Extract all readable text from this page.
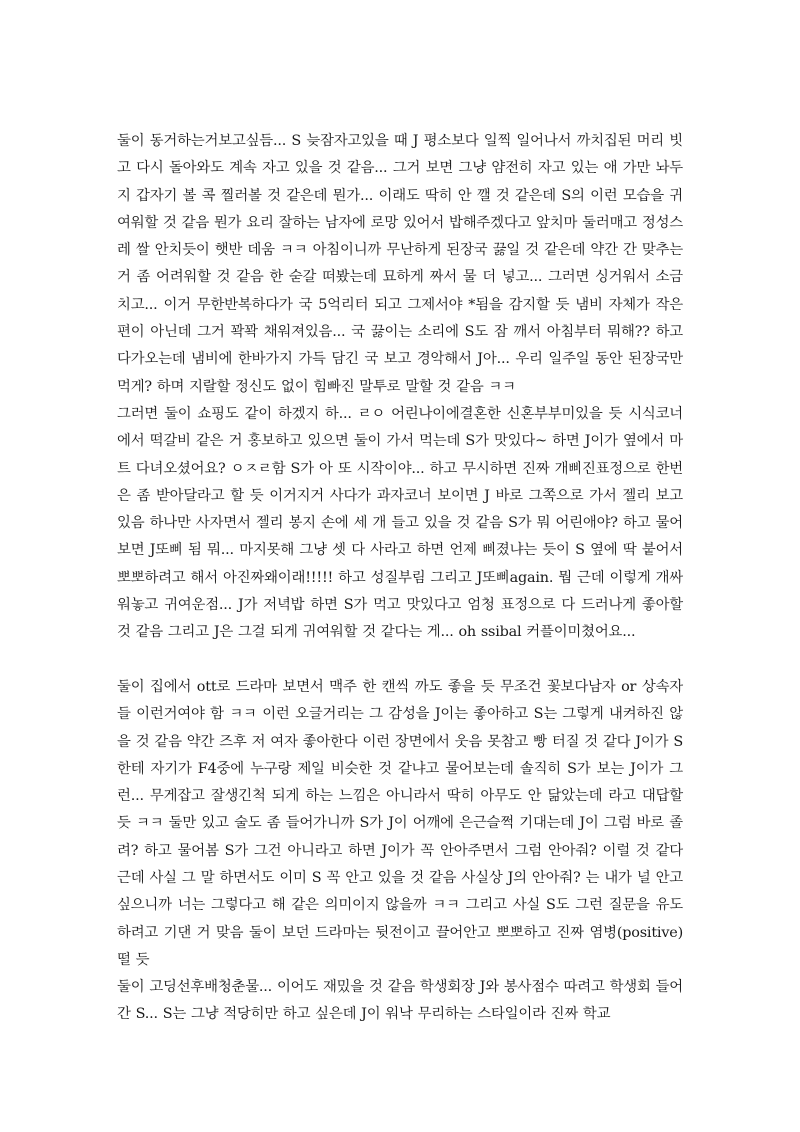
둘이 동거하는거보고싶듬... S 늦잠자고있을 때 J 평소보다 일찍 일어나서 까치집된 머리 빗고 다시 돌아와도 계속 자고 있을 것 같음... 그거 보면 그냥 얌전히 자고 있는 애 가만 놔두지 갑자기 볼 콕 찔러볼 것 같은데 뭔가... 이래도 딱히 안 깰 것 같은데 S의 이런 모습을 귀여워할 것 같음 뭔가 요리 잘하는 남자에 로망 있어서 밥해주겠다고 앞치마 둘러매고 정성스레 쌀 안치듯이 햇반 데움 ㅋㅋ 아침이니까 무난하게 된장국 끓일 것 같은데 약간 간 맞추는 거 좀 어려워할 것 같음 한 숟갈 떠봤는데 묘하게 짜서 물 더 넣고... 그러면 싱거워서 소금 치고... 이거 무한반복하다가 국 5억리터 되고 그제서야 *됨을 감지할 듯 냄비 자체가 작은 편이 아닌데 그거 꽉꽉 채워져있음... 국 끓이는 소리에 S도 잠 깨서 아침부터 뭐해?? 하고 다가오는데 냄비에 한바가지 가득 담긴 국 보고 경악해서 J아... 우리 일주일 동안 된장국만 먹게? 하며 지랄할 정신도 없이 힘빠진 말투로 말할 것 같음 ㅋㅋ

그러면 둘이 쇼핑도 같이 하겠지 하... ㄹㅇ 어린나이에결혼한 신혼부부미있을 듯 시식코너에서 떡갈비 같은 거 홍보하고 있으면 둘이 가서 먹는데 S가 맛있다~ 하면 J이가 옆에서 마트 다녀오셨어요? ㅇㅈㄹ함 S가 아 또 시작이야... 하고 무시하면 진짜 개삐진표정으로 한번은 좀 받아달라고 할 듯 이거지거 사다가 과자코너 보이면 J 바로 그쪽으로 가서 젤리 보고 있음 하나만 사자면서 젤리 봉지 손에 세 개 들고 있을 것 같음 S가 뭐 어린애야? 하고 물어보면 J또삐 됨 뭐... 마지못해 그냥 셋 다 사라고 하면 언제 삐졌냐는 듯이 S 옆에 딱 붙어서 뽀뽀하려고 해서 아진짜왜이래!!!!! 하고 성질부림 그리고 J또삐again. 뭠 근데 이렇게 개싸워놓고 귀여운점... J가 저녁밥 하면 S가 먹고 맛있다고 엄청 표정으로 다 드러나게 좋아할 것 같음 그리고 J은 그걸 되게 귀여워할 것 같다는 게... oh ssibal 커플이미쳤어요...

둘이 집에서 ott로 드라마 보면서 맥주 한 캔씩 까도 좋을 듯 무조건 꽃보다남자 or 상속자들 이런거여야 함 ㅋㅋ 이런 오글거리는 그 감성을 J이는 좋아하고 S는 그렇게 내켜하진 않을 것 같음 약간 즈후 저 여자 좋아한다 이런 장면에서 웃음 못참고 빵 터질 것 같다 J이가 S한테 자기가 F4중에 누구랑 제일 비슷한 것 같냐고 물어보는데 솔직히 S가 보는 J이가 그런... 무게잡고 잘생긴척 되게 하는 느낌은 아니라서 딱히 아무도 안 닮았는데 라고 대답할 듯 ㅋㅋ 둘만 있고 술도 좀 들어가니까 S가 J이 어깨에 은근슬쩍 기대는데 J이 그럼 바로 졸려? 하고 물어봄 S가 그건 아니라고 하면 J이가 꼭 안아주면서 그럼 안아줘? 이럴 것 같다 근데 사실 그 말 하면서도 이미 S 꼭 안고 있을 것 같음 사실상 J의 안아줘? 는 내가 널 안고 싶으니까 너는 그렇다고 해 같은 의미이지 않을까 ㅋㅋ 그리고 사실 S도 그런 질문을 유도하려고 기댄 거 맞음 둘이 보던 드라마는 뒷전이고 끌어안고 뽀뽀하고 진짜 염병(positive) 떨 듯

둘이 고딩선후배청춘물... 이어도 재밌을 것 같음 학생회장 J와 봉사점수 따려고 학생회 들어간 S... S는 그냥 적당히만 하고 싶은데 J이 워낙 무리하는 스타일이라 진짜 학교
